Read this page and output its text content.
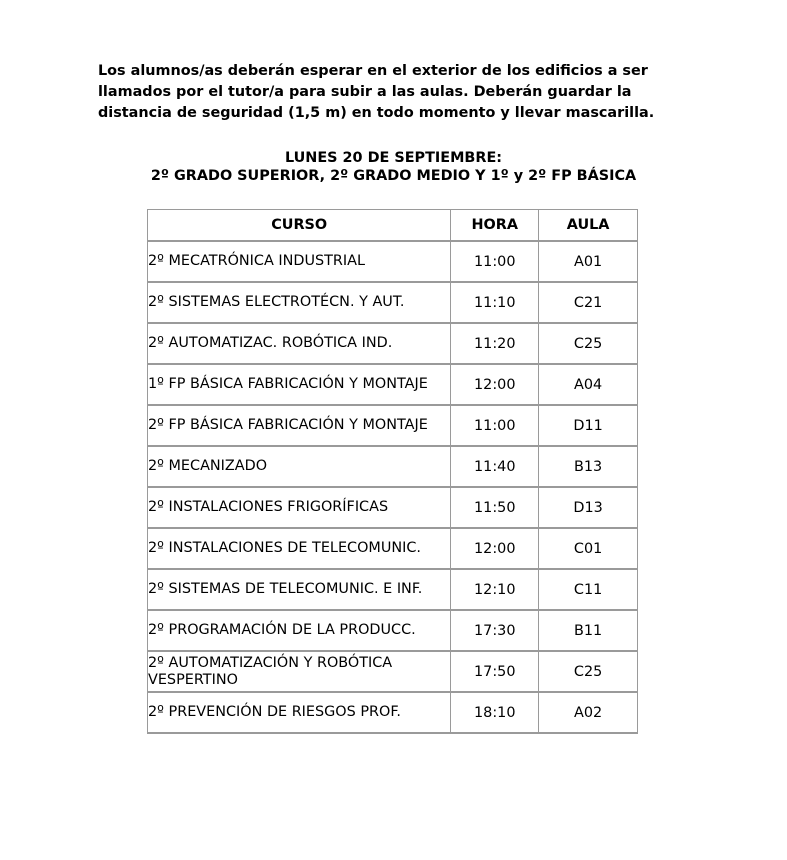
Los alumnos/as deberán esperar en el exterior de los edificios a ser
llamados por el tutor/a para subir a las aulas. Deberán guardar la
distancia de seguridad (1,5 m) en todo momento y llevar mascarilla.

LUNES 20 DE SEPTIEMBRE:

2º GRADO SUPERIOR, 2º GRADO MEDIO Y 1º y 2º FP BÁSICA

CURSO	HORA	AULA

2º MECATRÓNICA INDUSTRIAL	11:00	A01

2º SISTEMAS ELECTROTÉCN. Y AUT.	11:10	C21

2º AUTOMATIZAC. ROBÓTICA IND.	11:20	C25

1º FP BÁSICA FABRICACIÓN Y MONTAJE	12:00	A04

2º FP BÁSICA FABRICACIÓN Y MONTAJE	11:00	D11

2º MECANIZADO	11:40	B13

2º INSTALACIONES FRIGORÍFICAS	11:50	D13

2º INSTALACIONES DE TELECOMUNIC.	12:00	C01

2º SISTEMAS DE TELECOMUNIC. E INF.	12:10	C11

2º PROGRAMACIÓN DE LA PRODUCC.	17:30	B11

2º AUTOMATIZACIÓN Y ROBÓTICA
VESPERTINO	17:50	C25

2º PREVENCIÓN DE RIESGOS PROF.	18:10	A02
